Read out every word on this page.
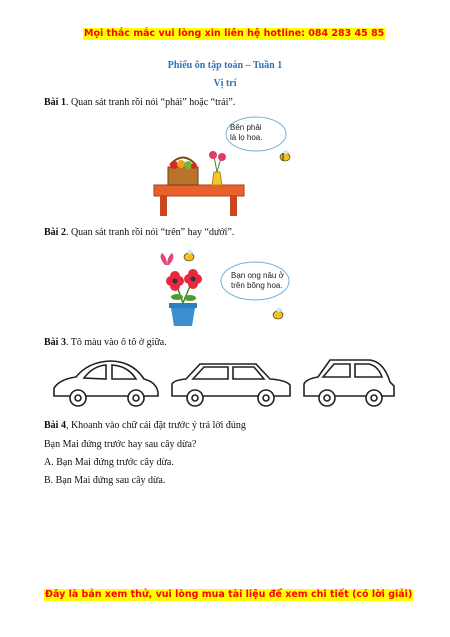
Mọi thắc mắc vui lòng xin liên hệ hotline: 084 283 45 85
Phiếu ôn tập toán – Tuần 1
Vị trí
Bài 1. Quan sát tranh rồi nói “phải” hoặc “trái”.
Bên phải
là lọ hoa.
Bài 2. Quan sát tranh rồi nói “trên” hay “dưới”.
Bạn ong nâu ở
trên bông hoa.
Bài 3. Tô màu vào ô tô ở giữa.
Bài 4, Khoanh vào chữ cái đặt trước ý trả lời đúng
Bạn Mai đứng trước hay sau cây dừa?
A. Bạn Mai đứng trước cây dừa.
B. Bạn Mai đứng sau cây dừa.
Đây là bản xem thử, vui lòng mua tài liệu để xem chi tiết (có lời giải)
